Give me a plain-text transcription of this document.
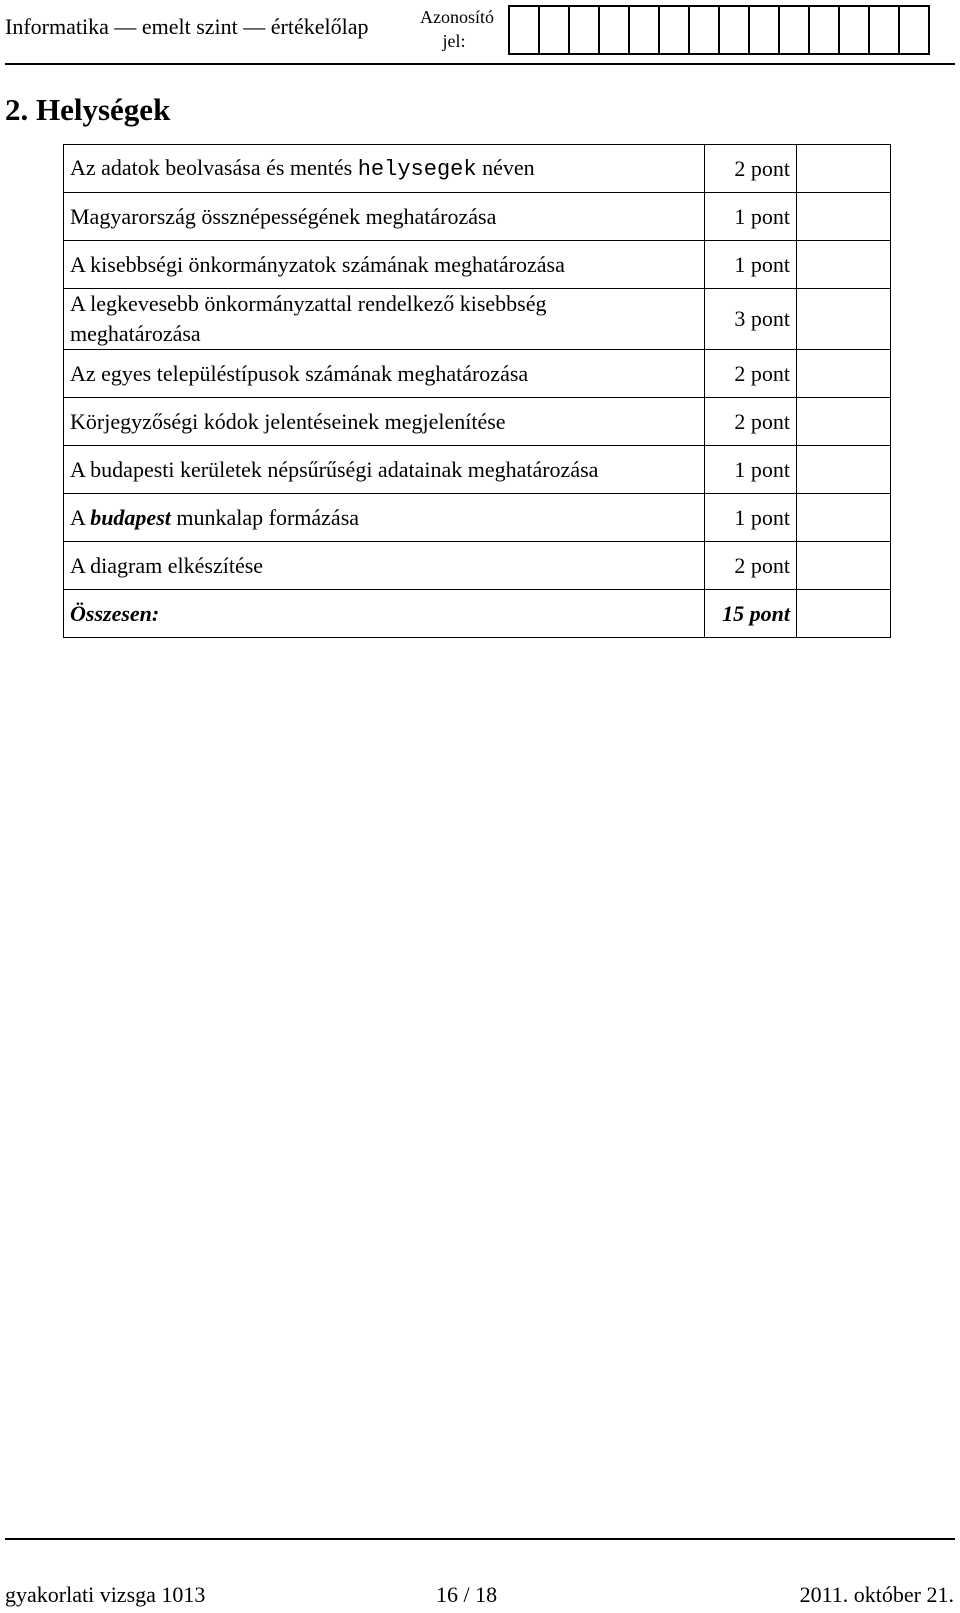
Informatika — emelt szint — értékelőlap	Azonosító
jel:
2. Helységek
Az adatok beolvasása és mentés helysegek néven	2 pont	
Magyarország össznépességének meghatározása	1 pont	
A kisebbségi önkormányzatok számának meghatározása	1 pont	

A legkevesebb önkormányzattal rendelkező kisebbség
meghatározása	3 pont	
Az egyes településtípusok számának meghatározása	2 pont	
Körjegyzőségi kódok jelentéseinek megjelenítése	2 pont	
A budapesti kerületek népsűrűségi adatainak meghatározása	1 pont	
A budapest munkalap formázása	1 pont	
A diagram elkészítése	2 pont	
Összesen:	15 pont	
gyakorlati vizsga 1013	16 / 18	2011. október 21.
